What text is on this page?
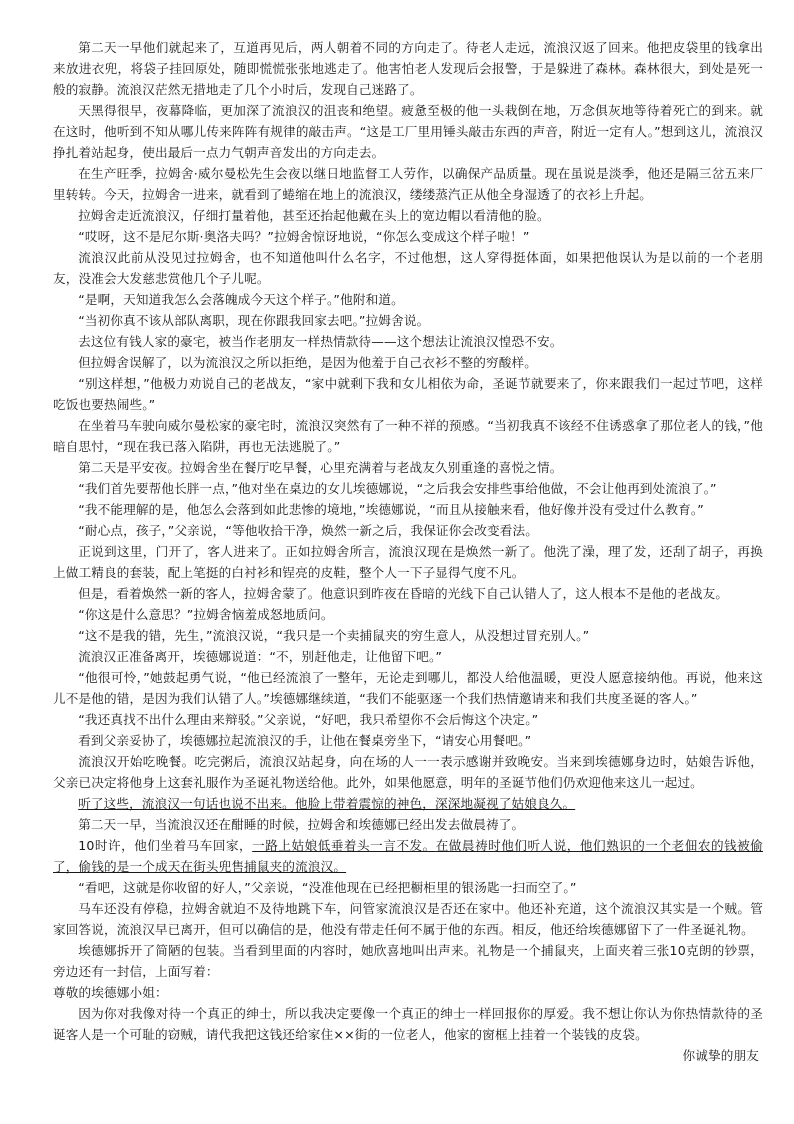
第二天一早他们就起来了，互道再见后，两人朝着不同的方向走了。待老人走远，流浪汉返了回来。他把皮袋里的钱拿出来放进衣兜，将袋子挂回原处，随即慌慌张张地逃走了。他害怕老人发现后会报警，于是躲进了森林。森林很大，到处是死一般的寂静。流浪汉茫然无措地走了几个小时后，发现自己迷路了。

天黑得很早，夜幕降临，更加深了流浪汉的沮丧和绝望。疲惫至极的他一头栽倒在地，万念俱灰地等待着死亡的到来。就在这时，他听到不知从哪儿传来阵阵有规律的敲击声。“这是工厂里用锤头敲击东西的声音，附近一定有人。”想到这儿，流浪汉挣扎着站起身，使出最后一点力气朝声音发出的方向走去。

在生产旺季，拉姆舍·威尔曼松先生会夜以继日地监督工人劳作，以确保产品质量。现在虽说是淡季，他还是隔三岔五来厂里转转。今天，拉姆舍一进来，就看到了蜷缩在地上的流浪汉，缕缕蒸汽正从他全身湿透了的衣衫上升起。

拉姆舍走近流浪汉，仔细打量着他，甚至还抬起他戴在头上的宽边帽以看清他的脸。

“哎呀，这不是尼尔斯·奥洛夫吗？”拉姆舍惊讶地说，“你怎么变成这个样子啦！”

流浪汉此前从没见过拉姆舍，也不知道他叫什么名字，不过他想，这人穿得挺体面，如果把他误认为是以前的一个老朋友，没准会大发慈悲赏他几个子儿呢。

“是啊，天知道我怎么会落魄成今天这个样子。”他附和道。

“当初你真不该从部队离职，现在你跟我回家去吧。”拉姆舍说。

去这位有钱人家的豪宅，被当作老朋友一样热情款待——这个想法让流浪汉惶恐不安。

但拉姆舍误解了，以为流浪汉之所以拒绝，是因为他羞于自己衣衫不整的穷酸样。

“别这样想，”他极力劝说自己的老战友，“家中就剩下我和女儿相依为命，圣诞节就要来了，你来跟我们一起过节吧，这样吃饭也要热闹些。”

在坐着马车驶向威尔曼松家的豪宅时，流浪汉突然有了一种不祥的预感。“当初我真不该经不住诱惑拿了那位老人的钱，”他暗自思忖，“现在我已落入陷阱，再也无法逃脱了。”

第二天是平安夜。拉姆舍坐在餐厅吃早餐，心里充满着与老战友久别重逢的喜悦之情。

“我们首先要帮他长胖一点，”他对坐在桌边的女儿埃德娜说，“之后我会安排些事给他做，不会让他再到处流浪了。”

“我不能理解的是，他怎么会落到如此悲惨的境地，”埃德娜说，“而且从接触来看，他好像并没有受过什么教育。”

“耐心点，孩子，”父亲说，“等他收拾干净，焕然一新之后，我保证你会改变看法。

正说到这里，门开了，客人进来了。正如拉姆舍所言，流浪汉现在是焕然一新了。他洗了澡，理了发，还刮了胡子，再换上做工精良的套装，配上笔挺的白衬衫和锃亮的皮鞋，整个人一下子显得气度不凡。

但是，看着焕然一新的客人，拉姆舍蒙了。他意识到昨夜在昏暗的光线下自己认错人了，这人根本不是他的老战友。

“你这是什么意思？”拉姆舍恼羞成怒地质问。

“这不是我的错，先生，”流浪汉说，“我只是一个卖捕鼠夹的穷生意人，从没想过冒充别人。”

流浪汉正准备离开，埃德娜说道：“不，别赶他走，让他留下吧。”

“他很可怜，”她鼓起勇气说，“他已经流浪了一整年，无论走到哪儿，都没人给他温暖，更没人愿意接纳他。再说，他来这儿不是他的错，是因为我们认错了人。”埃德娜继续道，“我们不能驱逐一个我们热情邀请来和我们共度圣诞的客人。”

“我还真找不出什么理由来辩驳。”父亲说，“好吧，我只希望你不会后悔这个决定。”

看到父亲妥协了，埃德娜拉起流浪汉的手，让他在餐桌旁坐下，“请安心用餐吧。”

流浪汉开始吃晚餐。吃完粥后，流浪汉站起身，向在场的人一一表示感谢并致晚安。当来到埃德娜身边时，姑娘告诉他，父亲已决定将他身上这套礼服作为圣诞礼物送给他。此外，如果他愿意，明年的圣诞节他们仍欢迎他来这儿一起过。

听了这些，流浪汉一句话也说不出来。他脸上带着震惊的神色，深深地凝视了姑娘良久。

第二天一早，当流浪汉还在酣睡的时候，拉姆舍和埃德娜已经出发去做晨祷了。

10时许，他们坐着马车回家，一路上姑娘低垂着头一言不发。在做晨祷时他们听人说，他们熟识的一个老佃农的钱被偷了，偷钱的是一个成天在街头兜售捕鼠夹的流浪汉。

“看吧，这就是你收留的好人，”父亲说，“没准他现在已经把橱柜里的银汤匙一扫而空了。”

马车还没有停稳，拉姆舍就迫不及待地跳下车，问管家流浪汉是否还在家中。他还补充道，这个流浪汉其实是一个贼。管家回答说，流浪汉早已离开，但可以确信的是，他没有带走任何不属于他的东西。相反，他还给埃德娜留下了一件圣诞礼物。

埃德娜拆开了简陋的包装。当看到里面的内容时，她欣喜地叫出声来。礼物是一个捕鼠夹，上面夹着三张10克朗的钞票，旁边还有一封信，上面写着：

尊敬的埃德娜小姐：

因为你对我像对待一个真正的绅士，所以我决定要像一个真正的绅士一样回报你的厚爱。我不想让你认为你热情款待的圣诞客人是一个可耻的窃贼，请代我把这钱还给家住××街的一位老人，他家的窗框上挂着一个装钱的皮袋。

你诚挚的朋友
